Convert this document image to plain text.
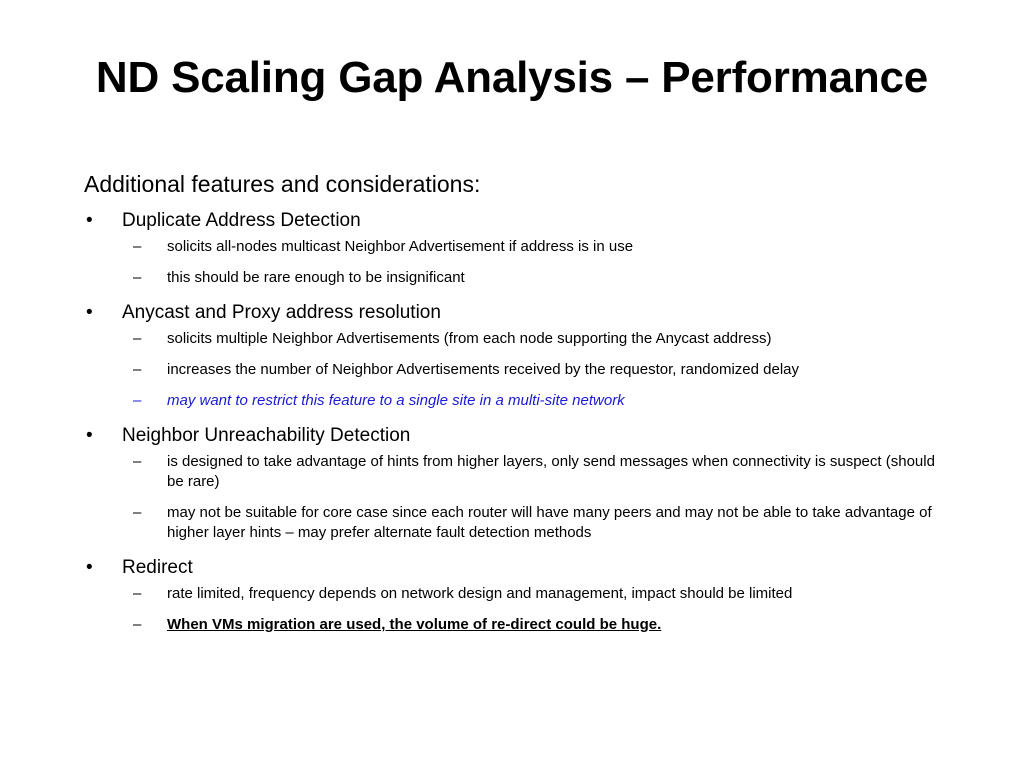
ND Scaling Gap Analysis – Performance
Additional features and considerations:
• Duplicate Address Detection
– solicits all-nodes multicast Neighbor Advertisement if address is in use
– this should be rare enough to be insignificant
• Anycast and Proxy address resolution
– solicits multiple Neighbor Advertisements (from each node supporting the Anycast address)
– increases the number of Neighbor Advertisements received by the requestor, randomized delay
– may want to restrict this feature to a single site in a multi-site network
• Neighbor Unreachability Detection
– is designed to take advantage of hints from higher layers, only send messages when connectivity is suspect (should be rare)
– may not be suitable for core case since each router will have many peers and may not be able to take advantage of higher layer hints – may prefer alternate fault detection methods
• Redirect
– rate limited, frequency depends on network design and management, impact should be limited
– When VMs migration are used, the volume of re-direct could be huge.
